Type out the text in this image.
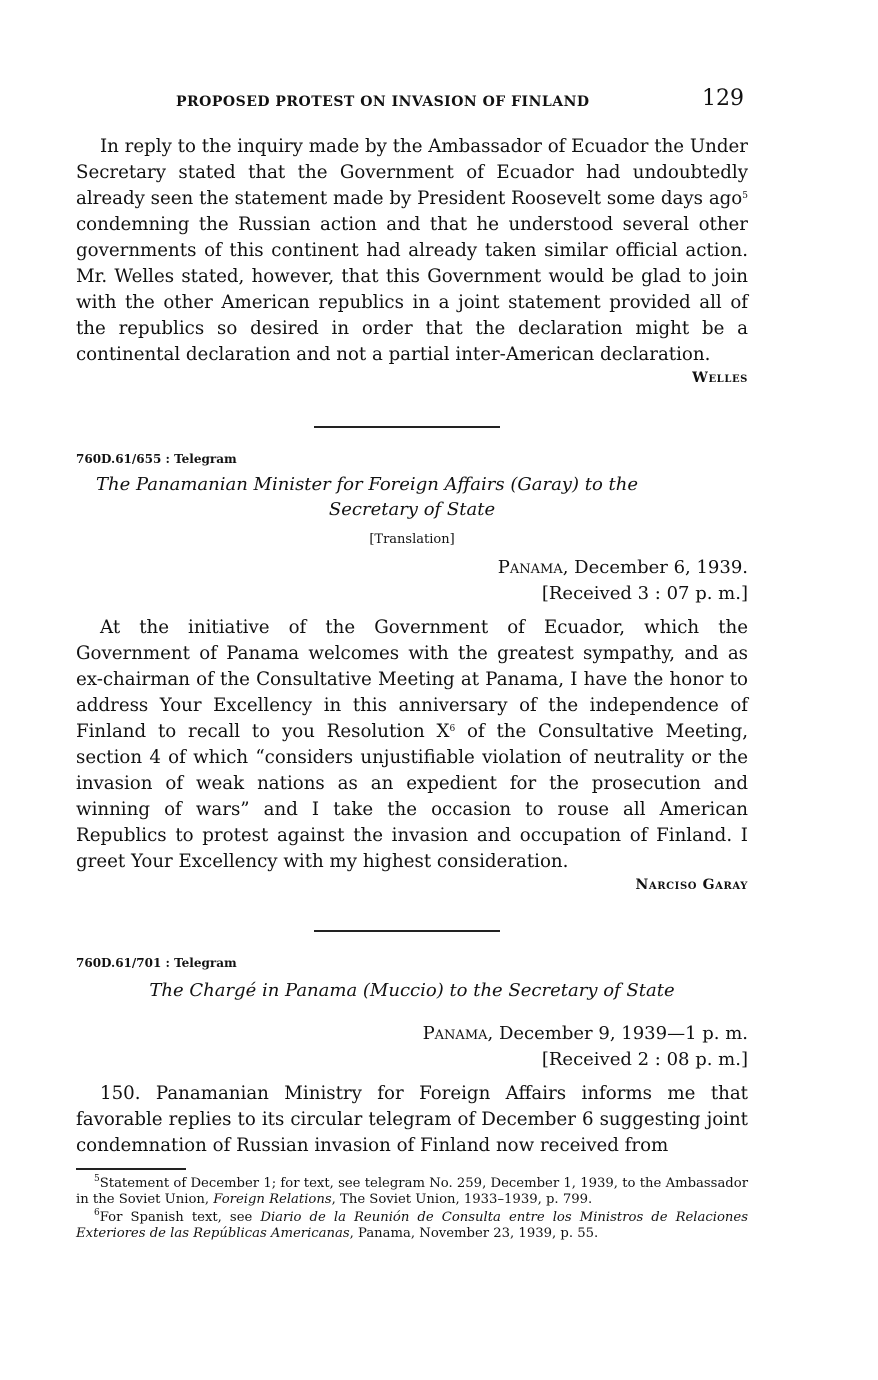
PROPOSED PROTEST ON INVASION OF FINLAND	129

In reply to the inquiry made by the Ambassador of Ecuador the Under Secretary stated that the Government of Ecuador had undoubtedly already seen the statement made by President Roosevelt some days ago$^5$ condemning the Russian action and that he understood several other governments of this continent had already taken similar official action. Mr. Welles stated, however, that this Government would be glad to join with the other American republics in a joint statement provided all of the republics so desired in order that the declaration might be a continental declaration and not a partial inter-American declaration.

Welles

760D.61/655 : Telegram

The Panamanian Minister for Foreign Affairs (Garay) to the

Secretary of State

[Translation]

Panama, December 6, 1939.

[Received 3 : 07 p. m.]

At the initiative of the Government of Ecuador, which the Government of Panama welcomes with the greatest sympathy, and as ex-chairman of the Consultative Meeting at Panama, I have the honor to address Your Excellency in this anniversary of the independence of Finland to recall to you Resolution $X^6$ of the Consultative Meeting, section 4 of which “considers unjustifiable violation of neutrality or the invasion of weak nations as an expedient for the prosecution and winning of wars” and I take the occasion to rouse all American Republics to protest against the invasion and occupation of Finland. I greet Your Excellency with my highest consideration.

Narciso Garay

760D.61/701 : Telegram

The Chargé in Panama (Muccio) to the Secretary of State

Panama, December 9, 1939—1 p. m.

[Received 2 : 08 p. m.]

150. Panamanian Ministry for Foreign Affairs informs me that favorable replies to its circular telegram of December 6 suggesting joint condemnation of Russian invasion of Finland now received from

$^5$Statement of December 1; for text, see telegram No. 259, December 1, 1939, to the Ambassador in the Soviet Union, Foreign Relations, The Soviet Union, 1933–1939, p. 799.

$^6$For Spanish text, see Diario de la Reunión de Consulta entre los Ministros de Relaciones Exteriores de las Repúblicas Americanas, Panama, November 23, 1939, p. 55.
